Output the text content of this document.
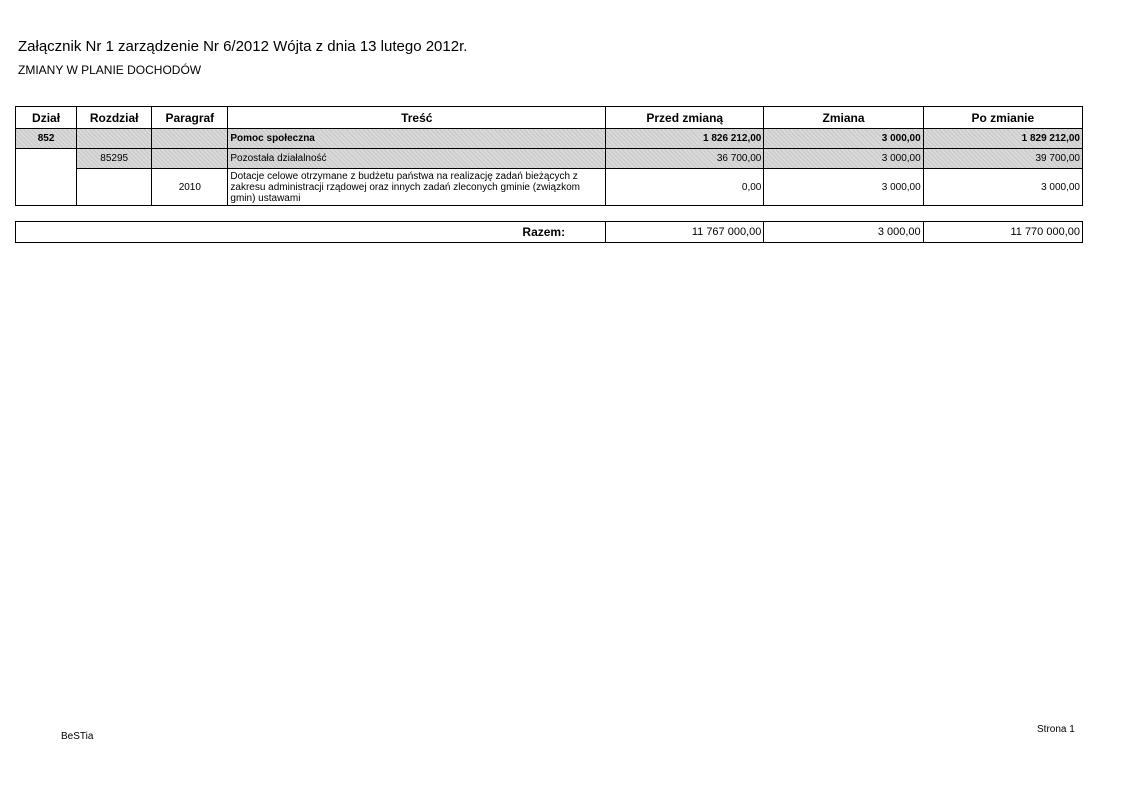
Załącznik Nr 1 zarządzenie Nr 6/2012 Wójta z dnia 13 lutego 2012r.
ZMIANY W PLANIE DOCHODÓW
Dział	Rozdział	Paragraf	Treść	Przed zmianą	Zmiana	Po zmianie
852			Pomoc społeczna	1 826 212,00	3 000,00	1 829 212,00
	85295		Pozostała działalność	36 700,00	3 000,00	39 700,00
		2010	Dotacje celowe otrzymane z budżetu państwa na realizację zadań bieżących z zakresu administracji rządowej oraz innych zadań zleconych gminie (związkom gmin) ustawami	0,00	3 000,00	3 000,00
Razem:	11 767 000,00	3 000,00	11 770 000,00
BeSTia
Strona 1
